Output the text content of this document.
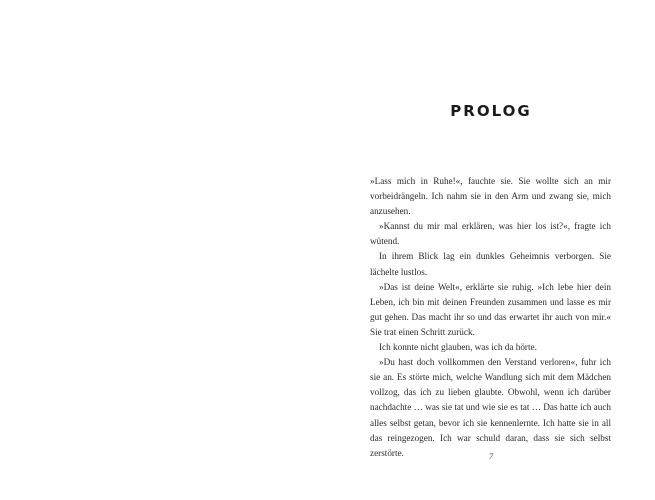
PROLOG

»Lass mich in Ruhe!«, fauchte sie. Sie wollte sich an mir vorbeidrängeln. Ich nahm sie in den Arm und zwang sie, mich anzusehen.

»Kannst du mir mal erklären, was hier los ist?«, fragte ich wütend.

In ihrem Blick lag ein dunkles Geheimnis verborgen. Sie lächelte lustlos.

»Das ist deine Welt«, erklärte sie ruhig. »Ich lebe hier dein Leben, ich bin mit deinen Freunden zusammen und lasse es mir gut gehen. Das macht ihr so und das erwartet ihr auch von mir.« Sie trat einen Schritt zurück.

Ich konnte nicht glauben, was ich da hörte.

»Du hast doch vollkommen den Verstand verloren«, fuhr ich sie an. Es störte mich, welche Wandlung sich mit dem Mädchen vollzog, das ich zu lieben glaubte. Obwohl, wenn ich darüber nachdachte … was sie tat und wie sie es tat … Das hatte ich auch alles selbst getan, bevor ich sie kennenlernte. Ich hatte sie in all das reingezogen. Ich war schuld daran, dass sie sich selbst zerstörte.	7
